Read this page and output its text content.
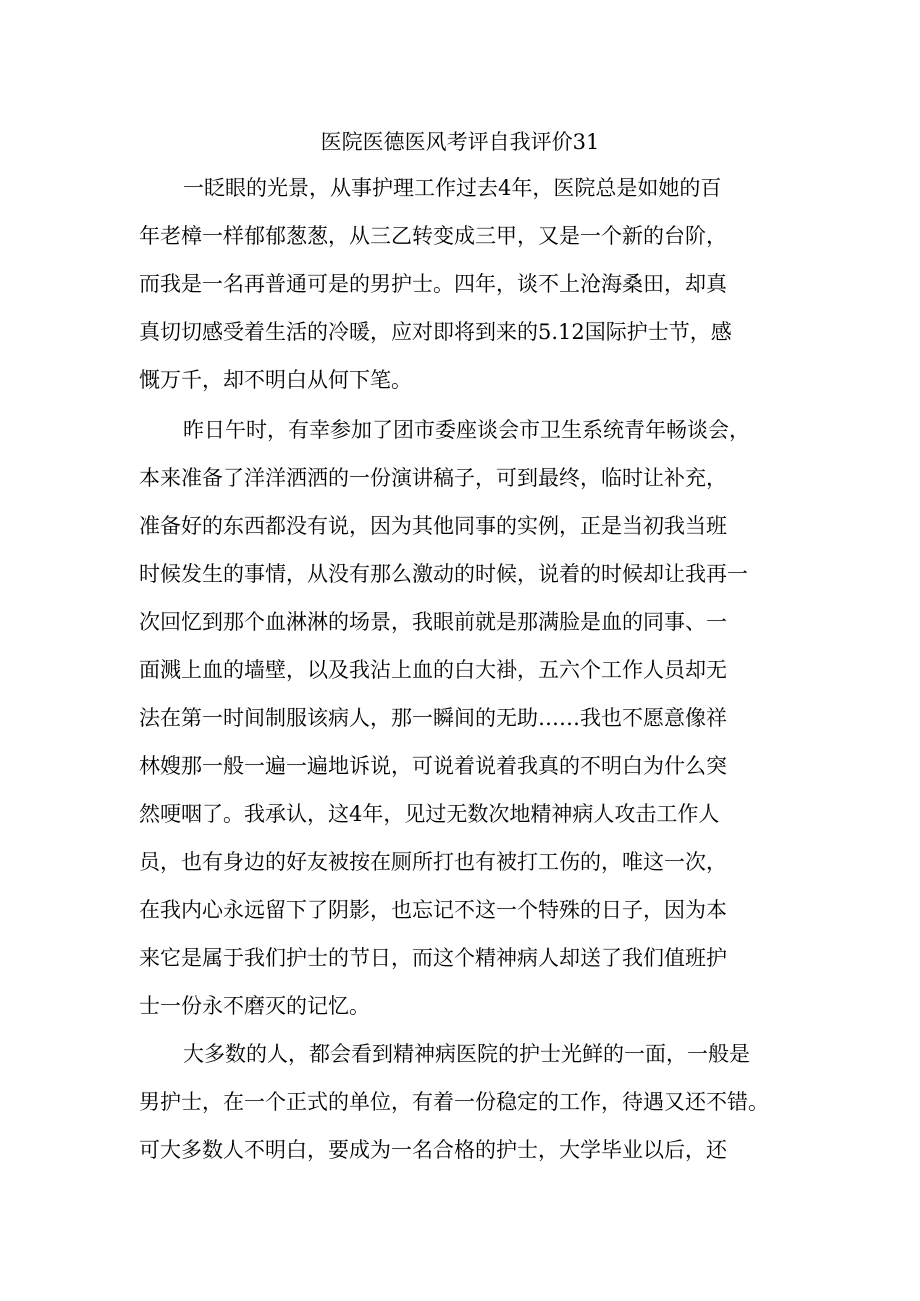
医院医德医风考评自我评价31
一眨眼的光景，从事护理工作过去4年，医院总是如她的百
年老樟一样郁郁葱葱，从三乙转变成三甲，又是一个新的台阶，
而我是一名再普通可是的男护士。四年，谈不上沧海桑田，却真
真切切感受着生活的冷暖，应对即将到来的5.12国际护士节，感
慨万千，却不明白从何下笔。
昨日午时，有幸参加了团市委座谈会市卫生系统青年畅谈会，
本来准备了洋洋洒洒的一份演讲稿子，可到最终，临时让补充，
准备好的东西都没有说，因为其他同事的实例，正是当初我当班
时候发生的事情，从没有那么激动的时候，说着的时候却让我再一
次回忆到那个血淋淋的场景，我眼前就是那满脸是血的同事、一
面溅上血的墙壁，以及我沾上血的白大褂，五六个工作人员却无
法在第一时间制服该病人，那一瞬间的无助……我也不愿意像祥
林嫂那一般一遍一遍地诉说，可说着说着我真的不明白为什么突
然哽咽了。我承认，这4年，见过无数次地精神病人攻击工作人
员，也有身边的好友被按在厕所打也有被打工伤的，唯这一次，
在我内心永远留下了阴影，也忘记不这一个特殊的日子，因为本
来它是属于我们护士的节日，而这个精神病人却送了我们值班护
士一份永不磨灭的记忆。
大多数的人，都会看到精神病医院的护士光鲜的一面，一般是
男护士，在一个正式的单位，有着一份稳定的工作，待遇又还不错。
可大多数人不明白，要成为一名合格的护士，大学毕业以后，还
